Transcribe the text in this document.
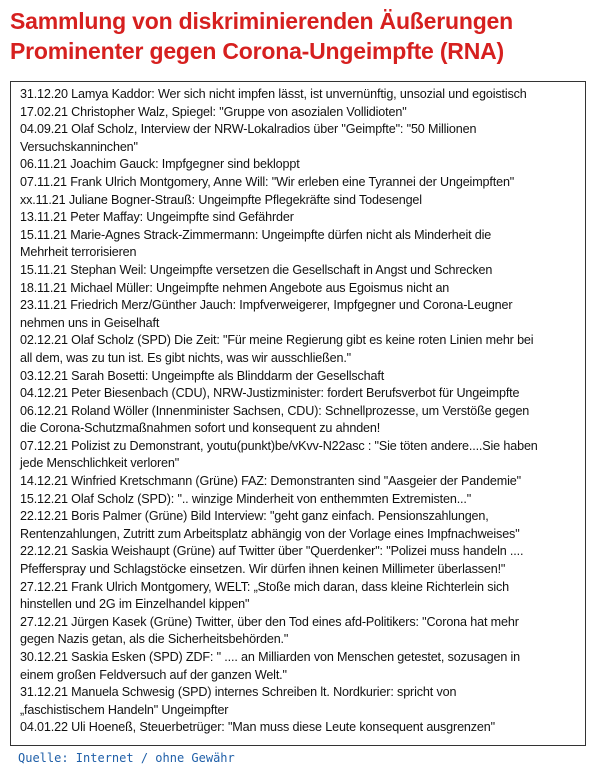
Sammlung von diskriminierenden Äußerungen
Prominenter gegen Corona-Ungeimpfte (RNA)

31.12.20 Lamya Kaddor: Wer sich nicht impfen lässt, ist unvernünftig, unsozial und egoistisch

17.02.21 Christopher Walz, Spiegel: "Gruppe von asozialen Vollidioten"

04.09.21 Olaf Scholz, Interview der NRW-Lokalradios über "Geimpfte": "50 Millionen
Versuchskanninchen"

06.11.21 Joachim Gauck: Impfgegner sind bekloppt

07.11.21 Frank Ulrich Montgomery, Anne Will: "Wir erleben eine Tyrannei der Ungeimpften"

xx.11.21 Juliane Bogner-Strauß: Ungeimpfte Pflegekräfte sind Todesengel

13.11.21 Peter Maffay: Ungeimpfte sind Gefährder

15.11.21 Marie-Agnes Strack-Zimmermann: Ungeimpfte dürfen nicht als Minderheit die
Mehrheit terrorisieren

15.11.21 Stephan Weil: Ungeimpfte versetzen die Gesellschaft in Angst und Schrecken

18.11.21 Michael Müller: Ungeimpfte nehmen Angebote aus Egoismus nicht an

23.11.21 Friedrich Merz/Günther Jauch: Impfverweigerer, Impfgegner und Corona-Leugner
nehmen uns in Geiselhaft

02.12.21 Olaf Scholz (SPD) Die Zeit: "Für meine Regierung gibt es keine roten Linien mehr bei
all dem, was zu tun ist. Es gibt nichts, was wir ausschließen."

03.12.21 Sarah Bosetti: Ungeimpfte als Blinddarm der Gesellschaft

04.12.21 Peter Biesenbach (CDU), NRW-Justizminister: fordert Berufsverbot für Ungeimpfte

06.12.21 Roland Wöller (Innenminister Sachsen, CDU): Schnellprozesse, um Verstöße gegen
die Corona-Schutzmaßnahmen sofort und konsequent zu ahnden!

07.12.21 Polizist zu Demonstrant, youtu(punkt)be/vKvv-N22asc : "Sie töten andere....Sie haben
jede Menschlichkeit verloren"

14.12.21 Winfried Kretschmann (Grüne) FAZ: Demonstranten sind "Aasgeier der Pandemie"

15.12.21 Olaf Scholz (SPD): ".. winzige Minderheit von enthemmten Extremisten..."

22.12.21 Boris Palmer (Grüne) Bild Interview: "geht ganz einfach. Pensionszahlungen,
Rentenzahlungen, Zutritt zum Arbeitsplatz abhängig von der Vorlage eines Impfnachweises"

22.12.21 Saskia Weishaupt (Grüne) auf Twitter über "Querdenker": "Polizei muss handeln ....
Pfefferspray und Schlagstöcke einsetzen. Wir dürfen ihnen keinen Millimeter überlassen!"

27.12.21 Frank Ulrich Montgomery, WELT: „Stoße mich daran, dass kleine Richterlein sich
hinstellen und 2G im Einzelhandel kippen"

27.12.21 Jürgen Kasek (Grüne) Twitter, über den Tod eines afd-Politikers: "Corona hat mehr
gegen Nazis getan, als die Sicherheitsbehörden."

30.12.21 Saskia Esken (SPD) ZDF: " .... an Milliarden von Menschen getestet, sozusagen in
einem großen Feldversuch auf der ganzen Welt."

31.12.21 Manuela Schwesig (SPD) internes Schreiben lt. Nordkurier: spricht von
„faschistischem Handeln" Ungeimpfter

04.01.22 Uli Hoeneß, Steuerbetrüger: "Man muss diese Leute konsequent ausgrenzen"

Quelle: Internet / ohne Gewähr
